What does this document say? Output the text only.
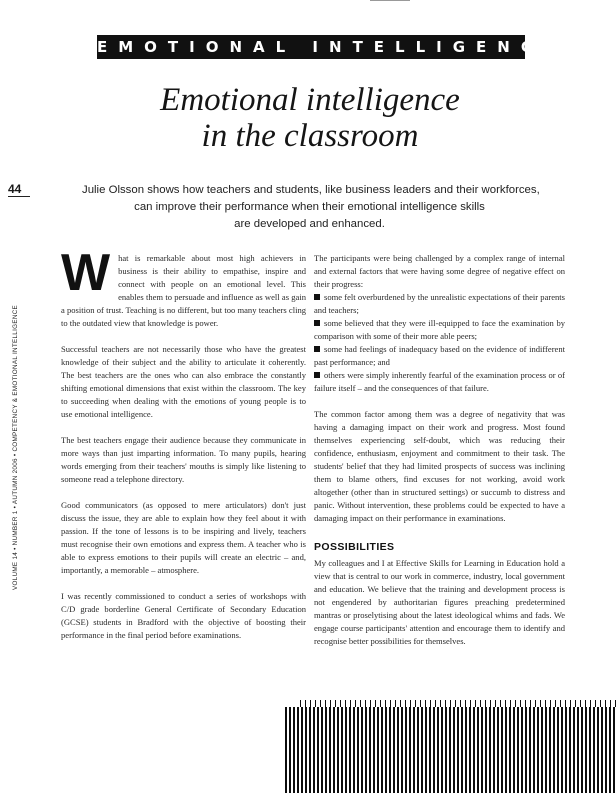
EMOTIONAL INTELLIGENCE
Emotional intelligence
in the classroom
44
VOLUME 14 • NUMBER 1 • AUTUMN 2006 • COMPETENCY & EMOTIONAL INTELLIGENCE
Julie Olsson shows how teachers and students, like business leaders and their workforces,
can improve their performance when their emotional intelligence skills
are developed and enhanced.

What is remarkable about most high achievers in business is their ability to empathise, inspire and connect with people on an emotional level. This enables them to persuade and influence as well as gain a position of trust. Teaching is no different, but too many teachers cling to the outdated view that knowledge is power.

Successful teachers are not necessarily those who have the greatest knowledge of their subject and the ability to articulate it coherently. The best teachers are the ones who can also embrace the constantly shifting emotional dimensions that exist within the classroom. The key to succeeding when dealing with the emotions of young people is to use emotional intelligence.

The best teachers engage their audience because they communicate in more ways than just imparting information. To many pupils, hearing words emerging from their teachers' mouths is simply like listening to someone read a telephone directory.

Good communicators (as opposed to mere articulators) don't just discuss the issue, they are able to explain how they feel about it with passion. If the tone of lessons is to be inspiring and lively, teachers must recognise their own emotions and express them. A teacher who is able to express emotions to their pupils will create an electric – and, importantly, a memorable – atmosphere.

I was recently commissioned to conduct a series of workshops with C/D grade borderline General Certificate of Secondary Education (GCSE) students in Bradford with the objective of boosting their performance in the final period before examinations.

The participants were being challenged by a complex range of internal and external factors that were having some degree of negative effect on their progress:

some felt overburdened by the unrealistic expectations of their parents and teachers;

some believed that they were ill-equipped to face the examination by comparison with some of their more able peers;

some had feelings of inadequacy based on the evidence of indifferent past performance; and

others were simply inherently fearful of the examination process or of failure itself – and the consequences of that failure.

The common factor among them was a degree of negativity that was having a damaging impact on their work and progress. Most found themselves experiencing self-doubt, which was reducing their confidence, enthusiasm, enjoyment and commitment to their task. The students' belief that they had limited prospects of success was inclining them to blame others, find excuses for not working, avoid work altogether (other than in structured settings) or succumb to distress and panic. Without intervention, these problems could be expected to have a damaging impact on their performance in examinations.

POSSIBILITIES

My colleagues and I at Effective Skills for Learning in Education hold a view that is central to our work in commerce, industry, local government and education. We believe that the training and development process is not engendered by authoritarian figures preaching predetermined mantras or proselytising about the latest ideological whims and fads. We engage course participants' attention and encourage them to identify and recognise better possibilities for themselves.
